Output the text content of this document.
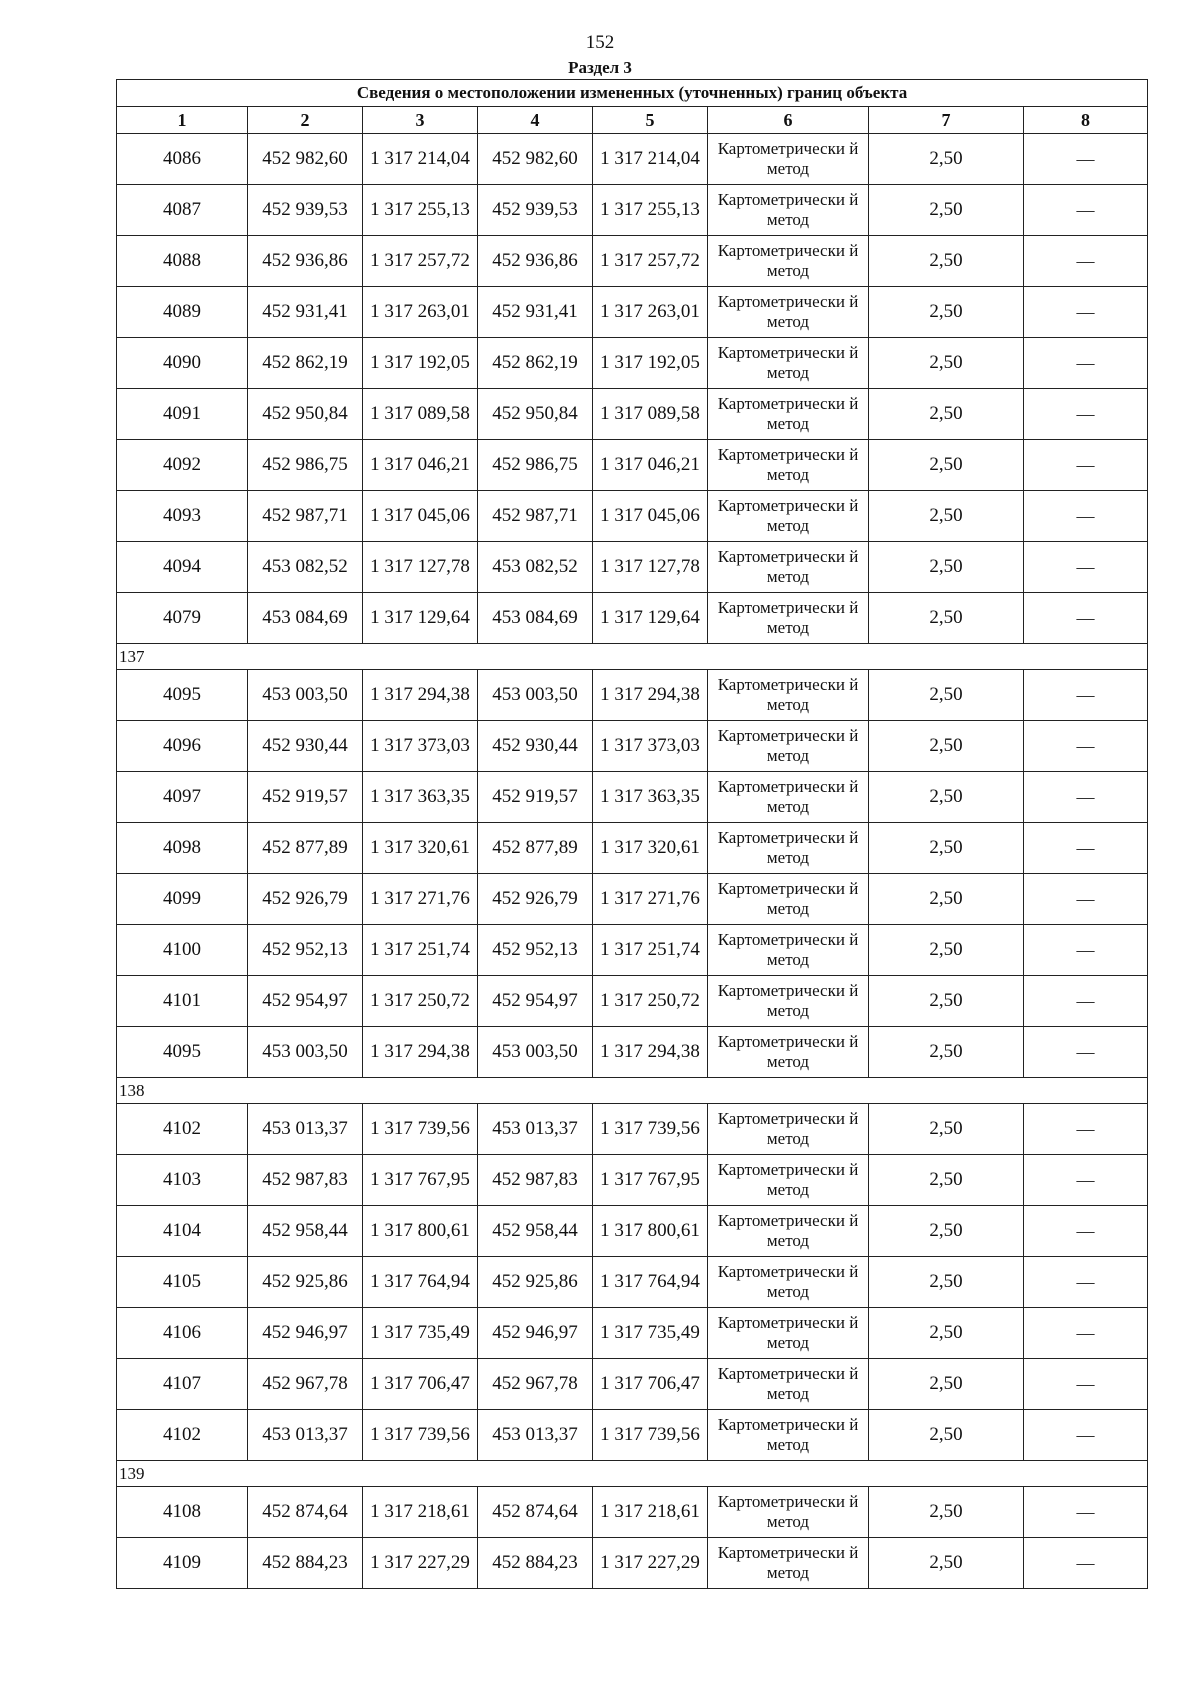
152
Раздел 3
Сведения о местоположении измененных (уточненных) границ объекта							
1	2	3	4	5	6	7	8
4086	452 982,60	1 317 214,04	452 982,60	1 317 214,04	Картометрически й метод	2,50	—
4087	452 939,53	1 317 255,13	452 939,53	1 317 255,13	Картометрически й метод	2,50	—
4088	452 936,86	1 317 257,72	452 936,86	1 317 257,72	Картометрически й метод	2,50	—
4089	452 931,41	1 317 263,01	452 931,41	1 317 263,01	Картометрически й метод	2,50	—
4090	452 862,19	1 317 192,05	452 862,19	1 317 192,05	Картометрически й метод	2,50	—
4091	452 950,84	1 317 089,58	452 950,84	1 317 089,58	Картометрически й метод	2,50	—
4092	452 986,75	1 317 046,21	452 986,75	1 317 046,21	Картометрически й метод	2,50	—
4093	452 987,71	1 317 045,06	452 987,71	1 317 045,06	Картометрически й метод	2,50	—
4094	453 082,52	1 317 127,78	453 082,52	1 317 127,78	Картометрически й метод	2,50	—
4079	453 084,69	1 317 129,64	453 084,69	1 317 129,64	Картометрически й метод	2,50	—
137							
4095	453 003,50	1 317 294,38	453 003,50	1 317 294,38	Картометрически й метод	2,50	—
4096	452 930,44	1 317 373,03	452 930,44	1 317 373,03	Картометрически й метод	2,50	—
4097	452 919,57	1 317 363,35	452 919,57	1 317 363,35	Картометрически й метод	2,50	—
4098	452 877,89	1 317 320,61	452 877,89	1 317 320,61	Картометрически й метод	2,50	—
4099	452 926,79	1 317 271,76	452 926,79	1 317 271,76	Картометрически й метод	2,50	—
4100	452 952,13	1 317 251,74	452 952,13	1 317 251,74	Картометрически й метод	2,50	—
4101	452 954,97	1 317 250,72	452 954,97	1 317 250,72	Картометрически й метод	2,50	—
4095	453 003,50	1 317 294,38	453 003,50	1 317 294,38	Картометрически й метод	2,50	—
138							
4102	453 013,37	1 317 739,56	453 013,37	1 317 739,56	Картометрически й метод	2,50	—
4103	452 987,83	1 317 767,95	452 987,83	1 317 767,95	Картометрически й метод	2,50	—
4104	452 958,44	1 317 800,61	452 958,44	1 317 800,61	Картометрически й метод	2,50	—
4105	452 925,86	1 317 764,94	452 925,86	1 317 764,94	Картометрически й метод	2,50	—
4106	452 946,97	1 317 735,49	452 946,97	1 317 735,49	Картометрически й метод	2,50	—
4107	452 967,78	1 317 706,47	452 967,78	1 317 706,47	Картометрически й метод	2,50	—
4102	453 013,37	1 317 739,56	453 013,37	1 317 739,56	Картометрически й метод	2,50	—
139							
4108	452 874,64	1 317 218,61	452 874,64	1 317 218,61	Картометрически й метод	2,50	—
4109	452 884,23	1 317 227,29	452 884,23	1 317 227,29	Картометрически й метод	2,50	—
